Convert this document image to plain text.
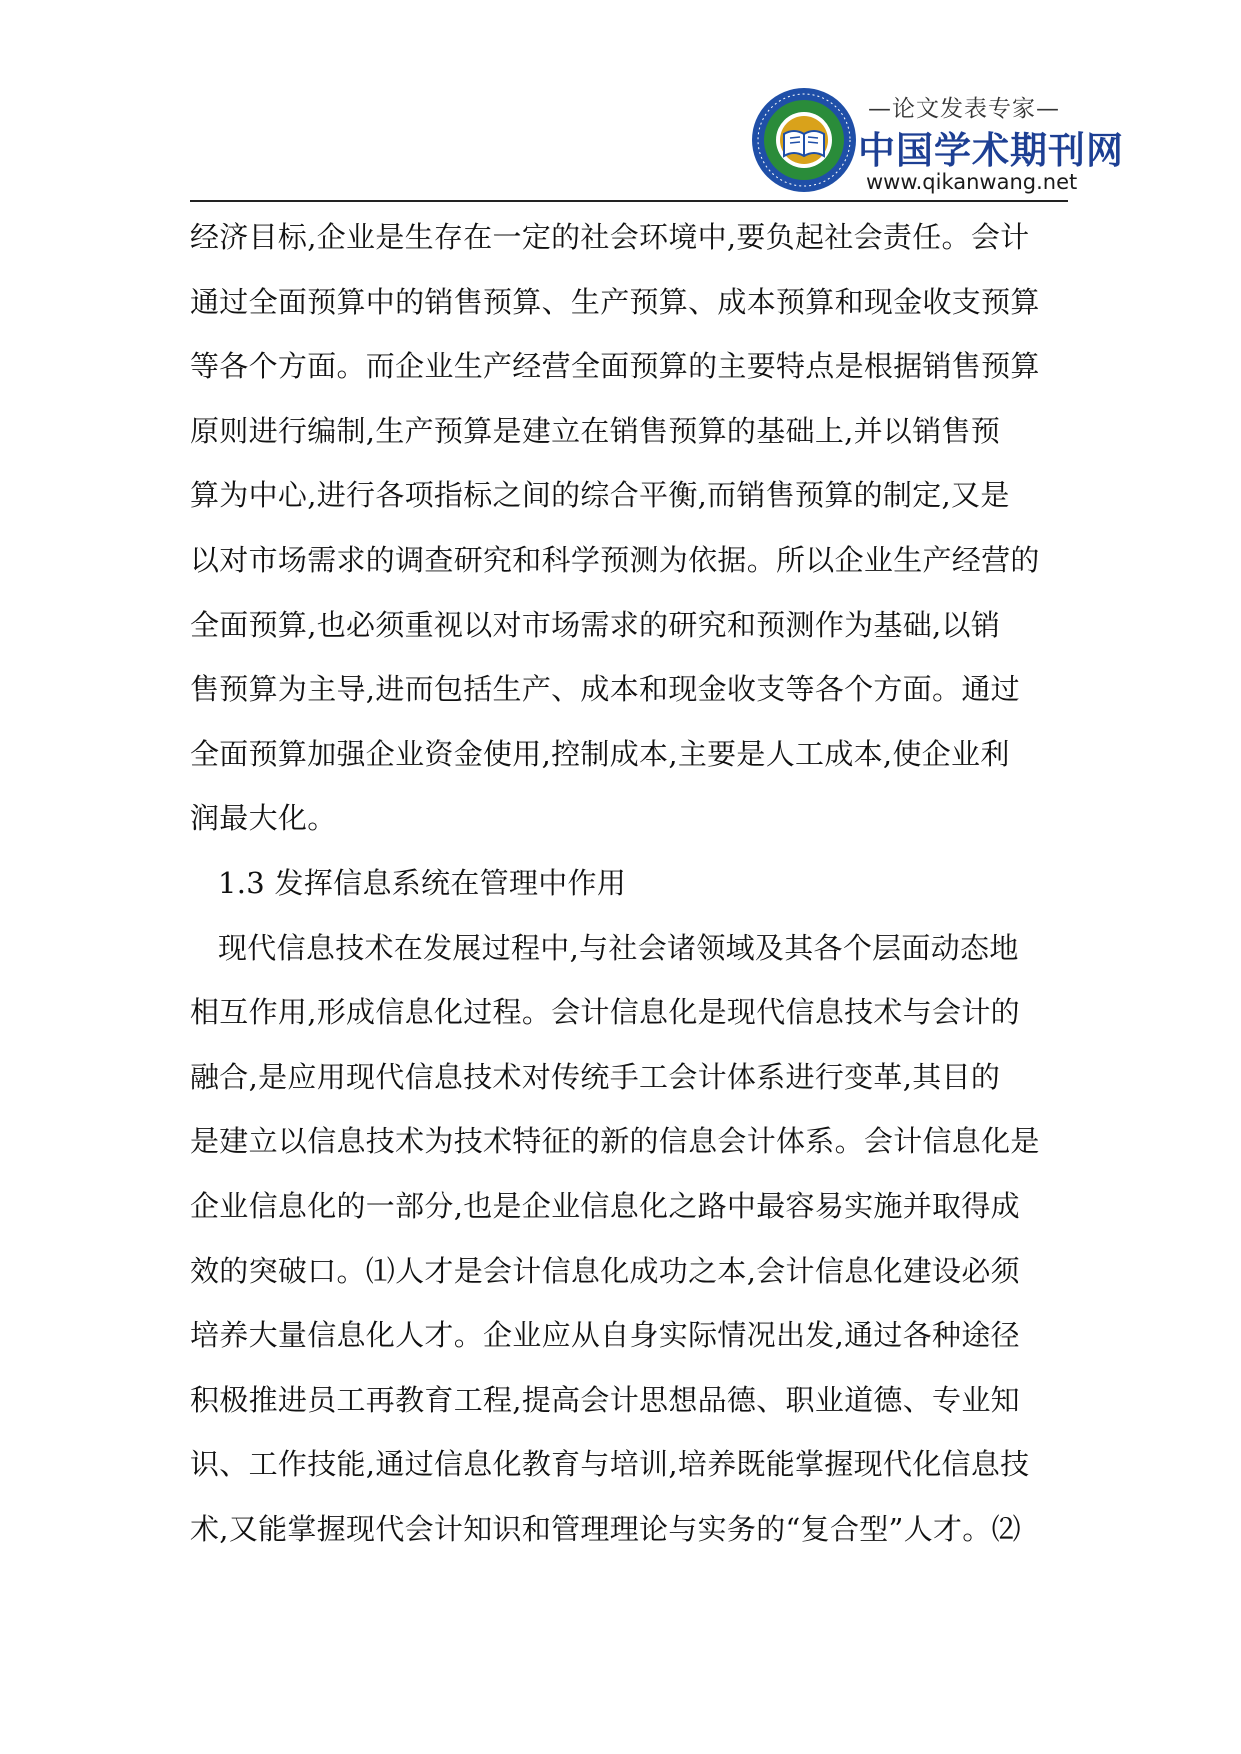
—论文发表专家—
中国学术期刊网
www.qikanwang.net
经济目标,企业是生存在一定的社会环境中,要负起社会责任。会计
通过全面预算中的销售预算、生产预算、成本预算和现金收支预算
等各个方面。而企业生产经营全面预算的主要特点是根据销售预算
原则进行编制,生产预算是建立在销售预算的基础上,并以销售预
算为中心,进行各项指标之间的综合平衡,而销售预算的制定,又是
以对市场需求的调查研究和科学预测为依据。所以企业生产经营的
全面预算,也必须重视以对市场需求的研究和预测作为基础,以销
售预算为主导,进而包括生产、成本和现金收支等各个方面。通过
全面预算加强企业资金使用,控制成本,主要是人工成本,使企业利
润最大化。
1.3 发挥信息系统在管理中作用
现代信息技术在发展过程中,与社会诸领域及其各个层面动态地
相互作用,形成信息化过程。会计信息化是现代信息技术与会计的
融合,是应用现代信息技术对传统手工会计体系进行变革,其目的
是建立以信息技术为技术特征的新的信息会计体系。会计信息化是
企业信息化的一部分,也是企业信息化之路中最容易实施并取得成
效的突破口。⑴人才是会计信息化成功之本,会计信息化建设必须
培养大量信息化人才。企业应从自身实际情况出发,通过各种途径
积极推进员工再教育工程,提高会计思想品德、职业道德、专业知
识、工作技能,通过信息化教育与培训,培养既能掌握现代化信息技
术,又能掌握现代会计知识和管理理论与实务的“复合型”人才。⑵
